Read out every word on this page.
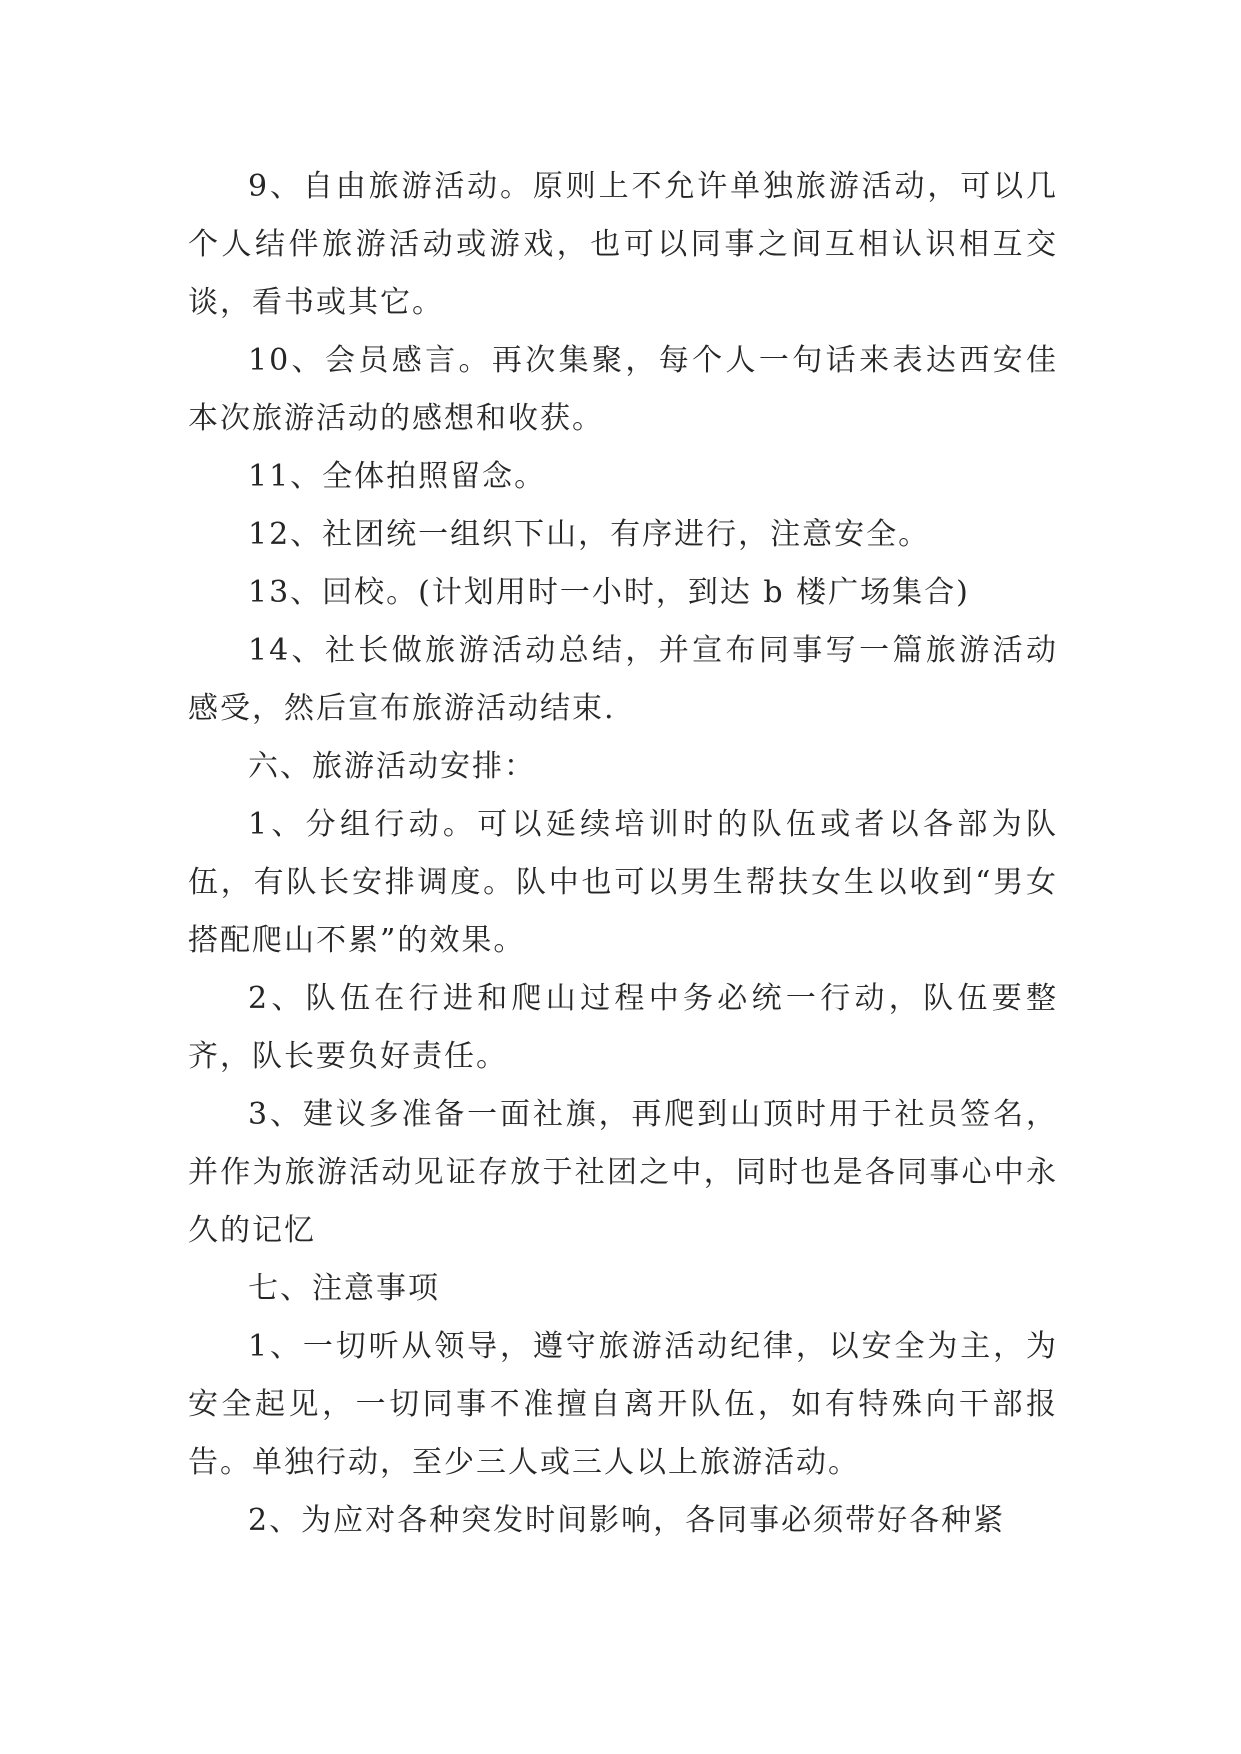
9、自由旅游活动。原则上不允许单独旅游活动，可以几个人结伴旅游活动或游戏，也可以同事之间互相认识相互交谈，看书或其它。

10、会员感言。再次集聚，每个人一句话来表达西安佳本次旅游活动的感想和收获。

11、全体拍照留念。

12、社团统一组织下山，有序进行，注意安全。

13、回校。(计划用时一小时，到达 b 楼广场集合)

14、社长做旅游活动总结，并宣布同事写一篇旅游活动感受，然后宣布旅游活动结束.

六、旅游活动安排：

1、分组行动。可以延续培训时的队伍或者以各部为队伍，有队长安排调度。队中也可以男生帮扶女生以收到“男女搭配爬山不累”的效果。

2、队伍在行进和爬山过程中务必统一行动，队伍要整齐，队长要负好责任。

3、建议多准备一面社旗，再爬到山顶时用于社员签名，并作为旅游活动见证存放于社团之中，同时也是各同事心中永久的记忆

七、注意事项

1、一切听从领导，遵守旅游活动纪律，以安全为主，为安全起见，一切同事不准擅自离开队伍，如有特殊向干部报告。单独行动，至少三人或三人以上旅游活动。

2、为应对各种突发时间影响，各同事必须带好各种紧
